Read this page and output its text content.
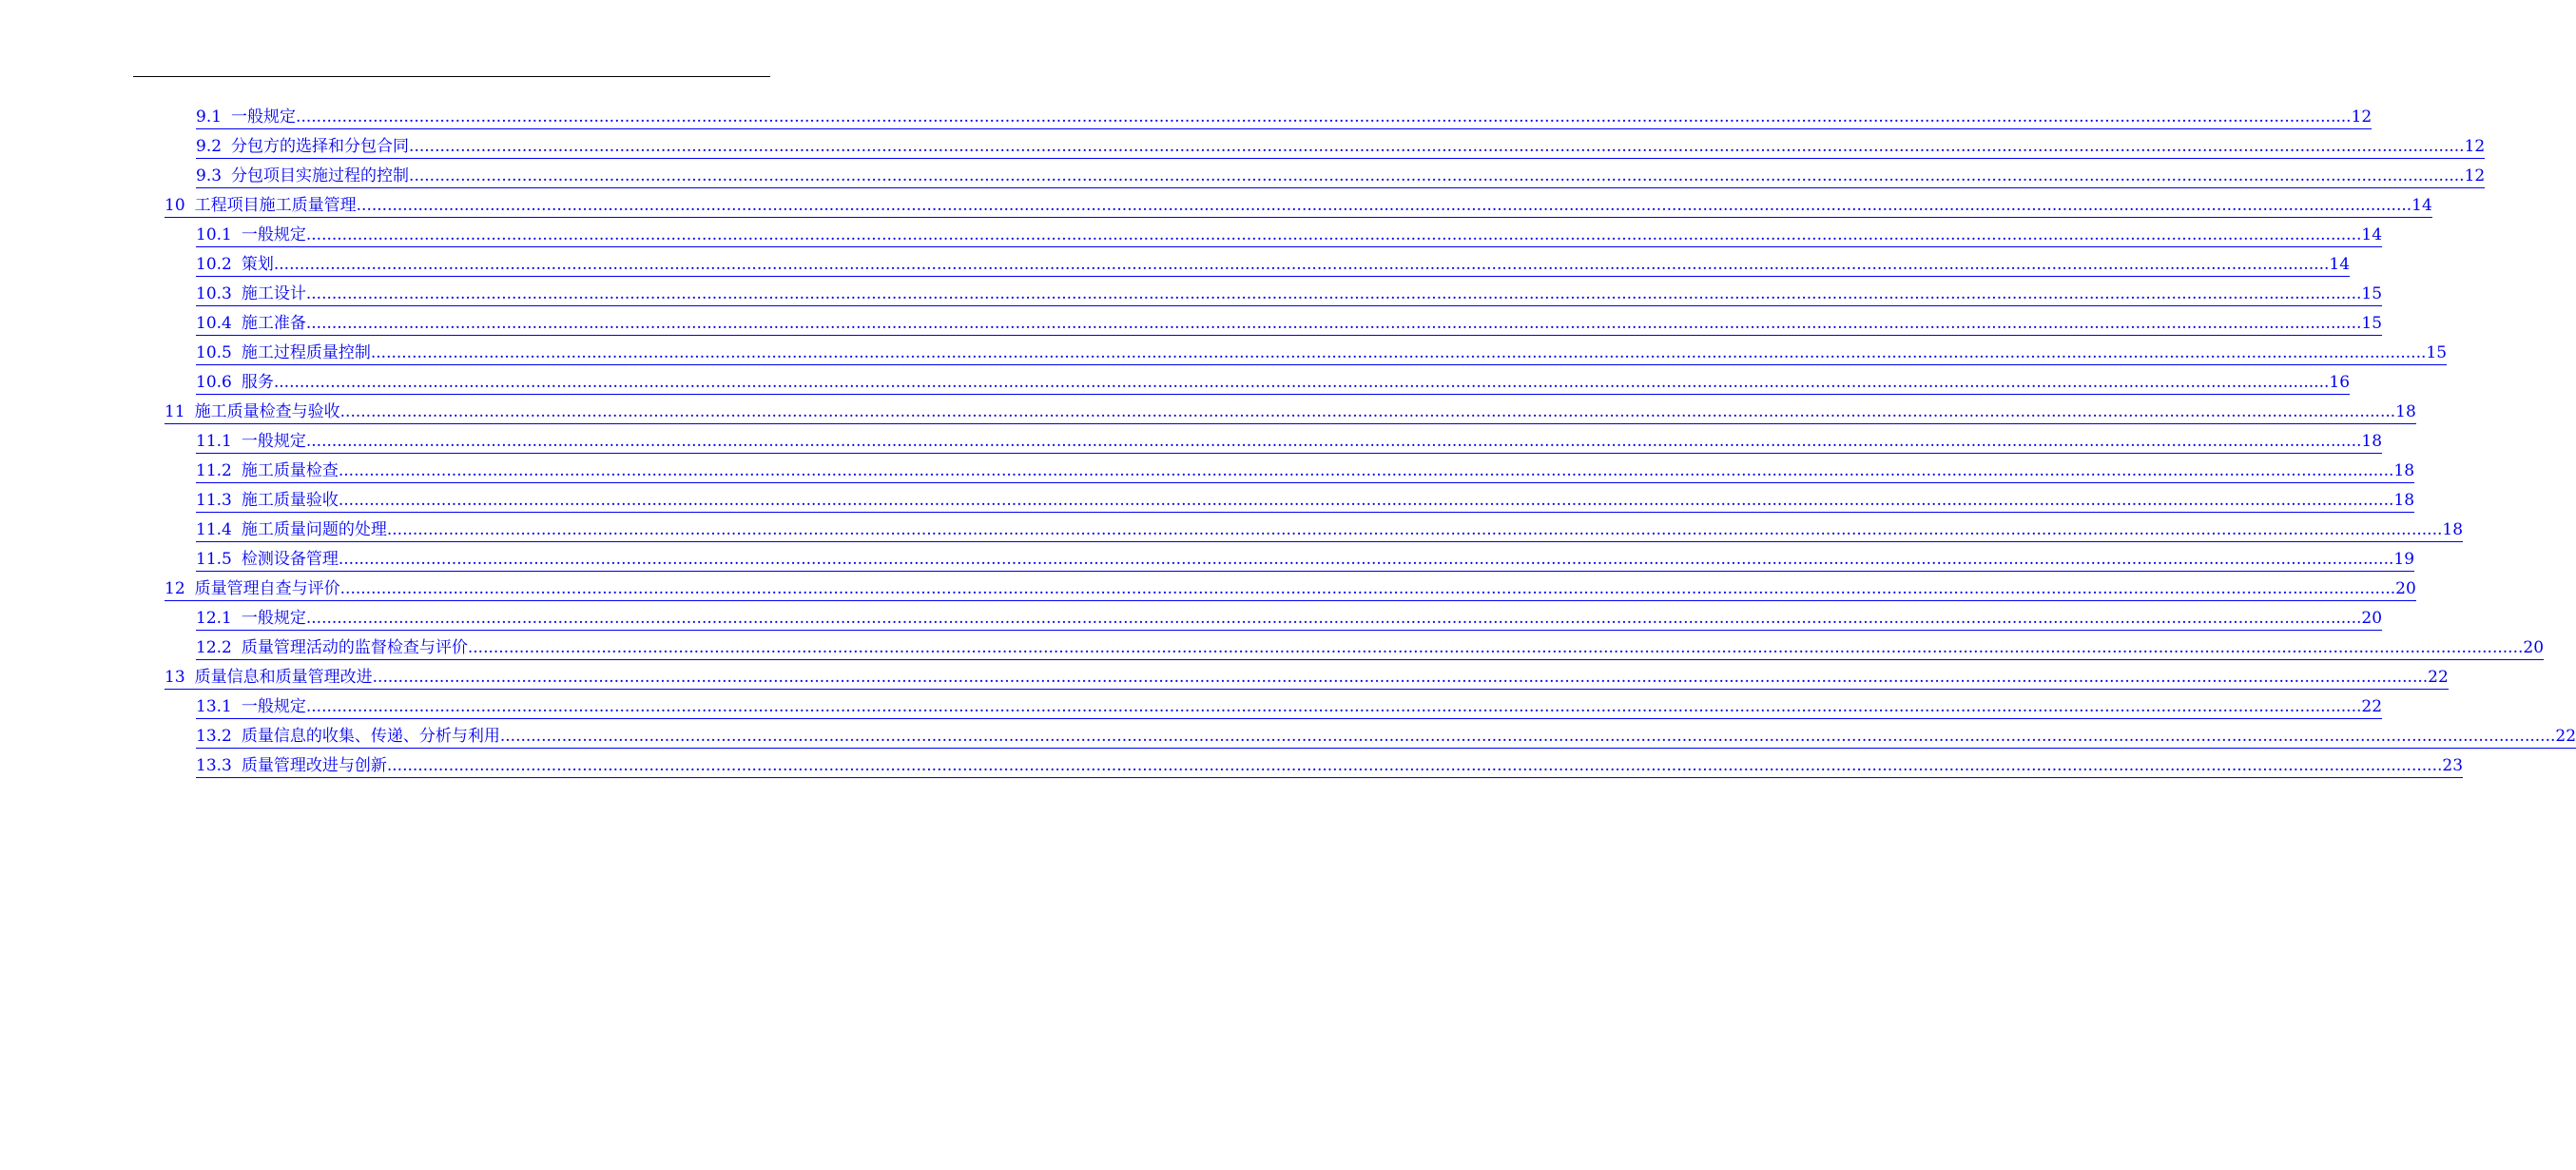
9.1 一般规定 ................................................................................................................................................................................................................................................................................................................................................................................................................ 12
9.2 分包方的选择和分包合同 ................................................................................................................................................................................................................................................................................................................................................................................................................ 12
9.3 分包项目实施过程的控制 ................................................................................................................................................................................................................................................................................................................................................................................................................ 12
10 工程项目施工质量管理 ................................................................................................................................................................................................................................................................................................................................................................................................................ 14
10.1 一般规定 ................................................................................................................................................................................................................................................................................................................................................................................................................ 14
10.2 策划 ................................................................................................................................................................................................................................................................................................................................................................................................................ 14
10.3 施工设计 ................................................................................................................................................................................................................................................................................................................................................................................................................ 15
10.4 施工准备 ................................................................................................................................................................................................................................................................................................................................................................................................................ 15
10.5 施工过程质量控制 ................................................................................................................................................................................................................................................................................................................................................................................................................ 15
10.6 服务 ................................................................................................................................................................................................................................................................................................................................................................................................................ 16
11 施工质量检查与验收 ................................................................................................................................................................................................................................................................................................................................................................................................................ 18
11.1 一般规定 ................................................................................................................................................................................................................................................................................................................................................................................................................ 18
11.2 施工质量检查 ................................................................................................................................................................................................................................................................................................................................................................................................................ 18
11.3 施工质量验收 ................................................................................................................................................................................................................................................................................................................................................................................................................ 18
11.4 施工质量问题的处理 ................................................................................................................................................................................................................................................................................................................................................................................................................ 18
11.5 检测设备管理 ................................................................................................................................................................................................................................................................................................................................................................................................................ 19
12 质量管理自查与评价 ................................................................................................................................................................................................................................................................................................................................................................................................................ 20
12.1 一般规定 ................................................................................................................................................................................................................................................................................................................................................................................................................ 20
12.2 质量管理活动的监督检查与评价 ................................................................................................................................................................................................................................................................................................................................................................................................................ 20
13 质量信息和质量管理改进 ................................................................................................................................................................................................................................................................................................................................................................................................................ 22
13.1 一般规定 ................................................................................................................................................................................................................................................................................................................................................................................................................ 22
13.2 质量信息的收集、传递、分析与利用 ................................................................................................................................................................................................................................................................................................................................................................................................................ 22
13.3 质量管理改进与创新 ................................................................................................................................................................................................................................................................................................................................................................................................................ 23
